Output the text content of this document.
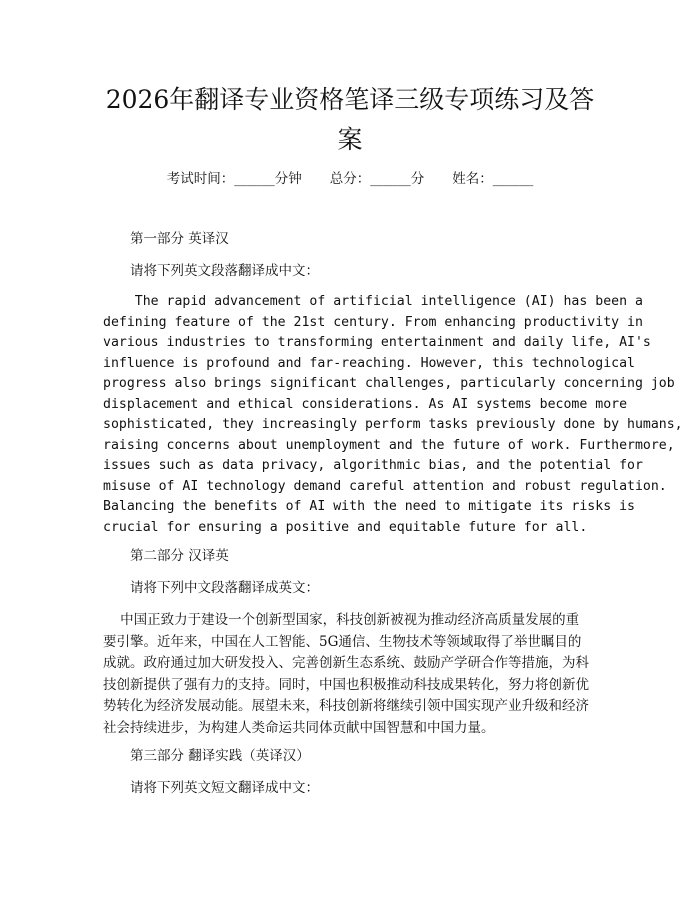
2026年翻译专业资格笔译三级专项练习及答案
考试时间：______分钟 总分：______分 姓名：______
第一部分 英译汉
请将下列英文段落翻译成中文：
The rapid advancement of artificial intelligence (AI) has been a
defining feature of the 21st century. From enhancing productivity in
various industries to transforming entertainment and daily life, AI's
influence is profound and far-reaching. However, this technological
progress also brings significant challenges, particularly concerning job
displacement and ethical considerations. As AI systems become more
sophisticated, they increasingly perform tasks previously done by humans,
raising concerns about unemployment and the future of work. Furthermore,
issues such as data privacy, algorithmic bias, and the potential for
misuse of AI technology demand careful attention and robust regulation.
Balancing the benefits of AI with the need to mitigate its risks is
crucial for ensuring a positive and equitable future for all.
第二部分 汉译英
请将下列中文段落翻译成英文：
中国正致力于建设一个创新型国家，科技创新被视为推动经济高质量发展的重
要引擎。近年来，中国在人工智能、5G通信、生物技术等领域取得了举世瞩目的
成就。政府通过加大研发投入、完善创新生态系统、鼓励产学研合作等措施，为科
技创新提供了强有力的支持。同时，中国也积极推动科技成果转化，努力将创新优
势转化为经济发展动能。展望未来，科技创新将继续引领中国实现产业升级和经济
社会持续进步，为构建人类命运共同体贡献中国智慧和中国力量。
第三部分 翻译实践（英译汉）
请将下列英文短文翻译成中文：
